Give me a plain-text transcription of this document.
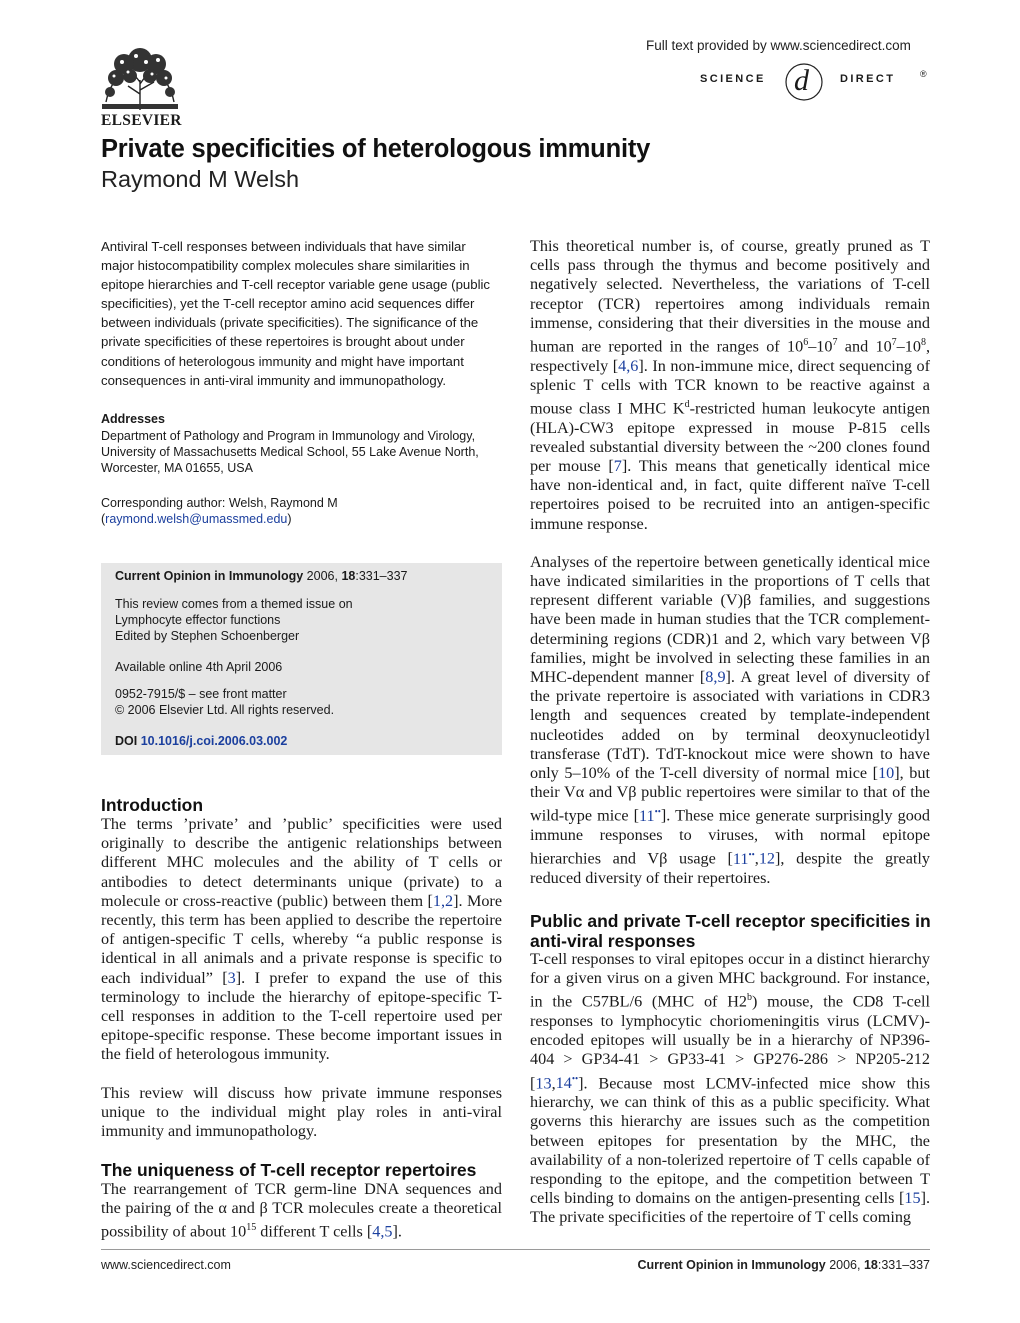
ELSEVIER
Full text provided by www.sciencedirect.com
SCIENCE d	DIRECT	®
Private specificities of heterologous immunity
Raymond M Welsh

Antiviral T-cell responses between individuals that have similar major histocompatibility complex molecules share similarities in epitope hierarchies and T-cell receptor variable gene usage (public specificities), yet the T-cell receptor amino acid sequences differ between individuals (private specificities). The significance of the private specificities of these repertoires is brought about under conditions of heterologous immunity and might have important consequences in anti-viral immunity and immunopathology.

Addresses

Department of Pathology and Program in Immunology and Virology,

University of Massachusetts Medical School, 55 Lake Avenue North,

Worcester, MA 01655, USA

Corresponding author: Welsh, Raymond M

(raymond.welsh@umassmed.edu)

Current Opinion in Immunology 2006, 18:331–337

This review comes from a themed issue on

Lymphocyte effector functions

Edited by Stephen Schoenberger

Available online 4th April 2006

0952-7915/$ – see front matter

© 2006 Elsevier Ltd. All rights reserved.

DOI 10.1016/j.coi.2006.03.002

Introduction

The terms ’private’ and ’public’ specificities were used originally to describe the antigenic relationships between different MHC molecules and the ability of T cells or antibodies to detect determinants unique (private) to a molecule or cross-reactive (public) between them [1,2]. More recently, this term has been applied to describe the repertoire of antigen-specific T cells, whereby “a public response is identical in all animals and a private response is specific to each individual” [3]. I prefer to expand the use of this terminology to include the hierarchy of epitope-specific T-cell responses in addition to the T-cell repertoire used per epitope-specific response. These become important issues in the field of heterologous immunity.

This review will discuss how private immune responses unique to the individual might play roles in anti-viral immunity and immunopathology.

The uniqueness of T-cell receptor repertoires

The rearrangement of TCR germ-line DNA sequences and the pairing of the α and β TCR molecules create a theoretical possibility of about $10^{15}$ different T cells [4,5].

This theoretical number is, of course, greatly pruned as T cells pass through the thymus and become positively and negatively selected. Nevertheless, the variations of T-cell receptor (TCR) repertoires among individuals remain immense, considering that their diversities in the mouse and human are reported in the ranges of $10^6-10^7$ and $10^7-10^8$, respectively [4,6]. In non-immune mice, direct sequencing of splenic T cells with TCR known to be reactive against a mouse class I MHC $K^d$-restricted human leukocyte antigen (HLA)-CW3 epitope expressed in mouse P-815 cells revealed substantial diversity between the ~200 clones found per mouse [7]. This means that genetically identical mice have non-identical and, in fact, quite different naïve T-cell repertoires poised to be recruited into an antigen-specific immune response.

Analyses of the repertoire between genetically identical mice have indicated similarities in the proportions of T cells that represent different variable (V)β families, and suggestions have been made in human studies that the TCR complement-determining regions (CDR)1 and 2, which vary between Vβ families, might be involved in selecting these families in an MHC-dependent manner [8,9]. A great level of diversity of the private repertoire is associated with variations in CDR3 length and sequences created by template-independent nucleotides added on by terminal deoxynucleotidyl transferase (TdT). TdT-knockout mice were shown to have only 5–10% of the T-cell diversity of normal mice [10], but their Vα and Vβ public repertoires were similar to that of the wild-type mice [11••]. These mice generate surprisingly good immune responses to viruses, with normal epitope hierarchies and Vβ usage [11••,12], despite the greatly reduced diversity of their repertoires.

Public and private T-cell receptor specificities in anti-viral responses

T-cell responses to viral epitopes occur in a distinct hierarchy for a given virus on a given MHC background. For instance, in the C57BL/6 (MHC of H2$^b$) mouse, the CD8 T-cell responses to lymphocytic choriomeningitis virus (LCMV)-encoded epitopes will usually be in a hierarchy of NP396-404 > GP34-41 > GP33-41 > GP276-286 > NP205-212 [13,14••]. Because most LCMV-infected mice show this hierarchy, we can think of this as a public specificity. What governs this hierarchy are issues such as the competition between epitopes for presentation by the MHC, the availability of a non-tolerized repertoire of T cells capable of responding to the epitope, and the competition between T cells binding to domains on the antigen-presenting cells [15]. The private specificities of the repertoire of T cells coming

www.sciencedirect.com	Current Opinion in Immunology 2006, 18:331–337
